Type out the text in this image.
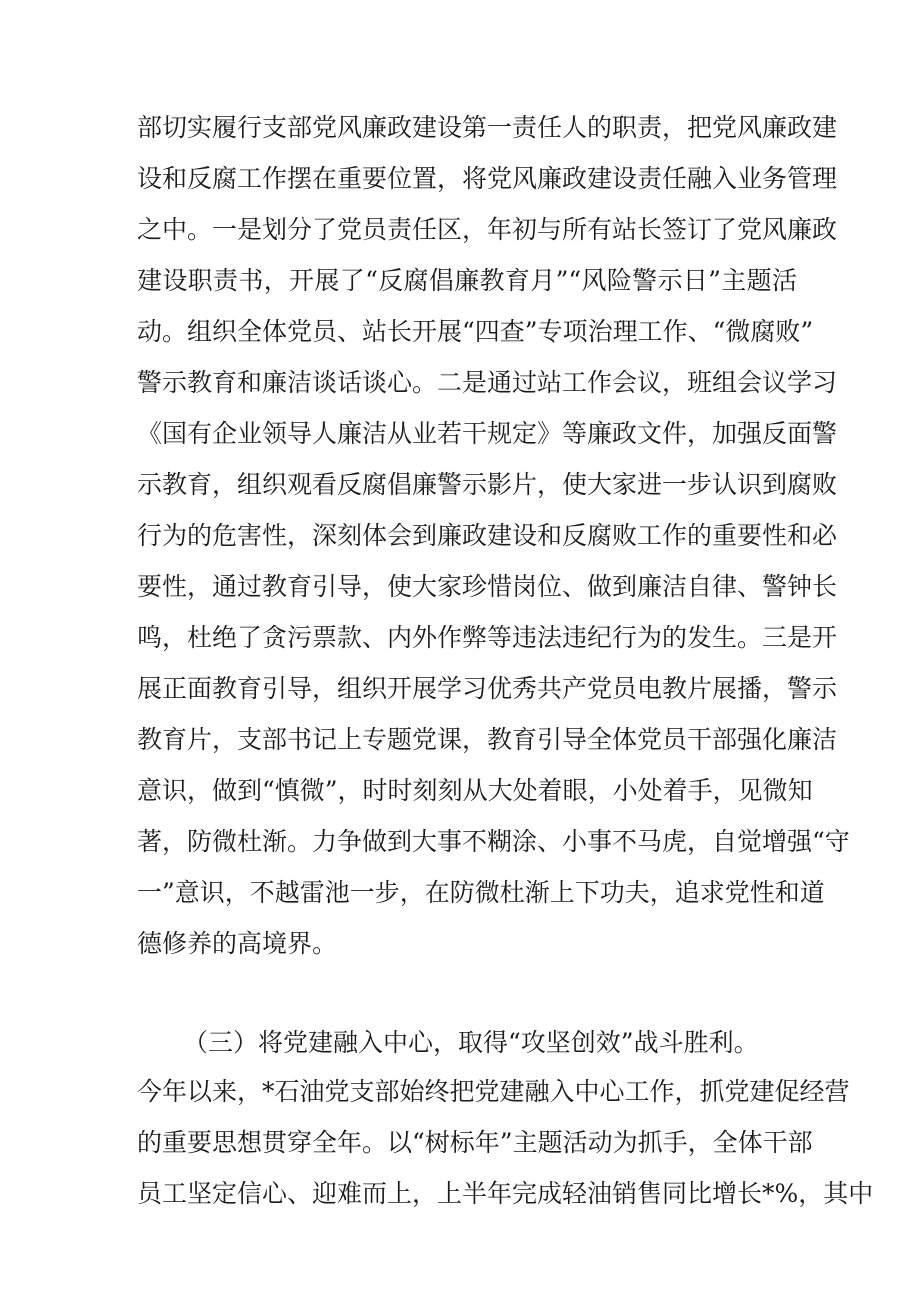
部切实履行支部党风廉政建设第一责任人的职责，把党风廉政建
设和反腐工作摆在重要位置，将党风廉政建设责任融入业务管理
之中。一是划分了党员责任区，年初与所有站长签订了党风廉政
建设职责书，开展了“反腐倡廉教育月”“风险警示日”主题活
动。组织全体党员、站长开展“四查”专项治理工作、“微腐败”
警示教育和廉洁谈话谈心。二是通过站工作会议，班组会议学习
《国有企业领导人廉洁从业若干规定》等廉政文件，加强反面警
示教育，组织观看反腐倡廉警示影片，使大家进一步认识到腐败
行为的危害性，深刻体会到廉政建设和反腐败工作的重要性和必
要性，通过教育引导，使大家珍惜岗位、做到廉洁自律、警钟长
鸣，杜绝了贪污票款、内外作弊等违法违纪行为的发生。三是开
展正面教育引导，组织开展学习优秀共产党员电教片展播，警示
教育片，支部书记上专题党课，教育引导全体党员干部强化廉洁
意识，做到“慎微”，时时刻刻从大处着眼，小处着手，见微知
著，防微杜渐。力争做到大事不糊涂、小事不马虎，自觉增强“守
一”意识，不越雷池一步，在防微杜渐上下功夫，追求党性和道
德修养的高境界。
（三）将党建融入中心，取得“攻坚创效”战斗胜利。
今年以来，*石油党支部始终把党建融入中心工作，抓党建促经营
的重要思想贯穿全年。以“树标年”主题活动为抓手，全体干部
员工坚定信心、迎难而上，上半年完成轻油销售同比增长*%，其中
